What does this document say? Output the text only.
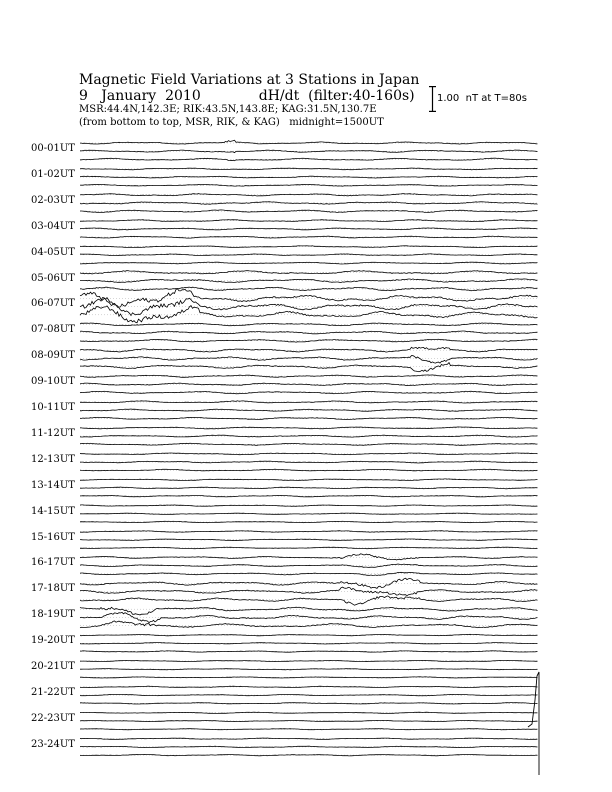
Magnetic Field Variations at 3 Stations in Japan
9   January  2010	dH/dt  (filter:40-160s)
MSR:44.4N,142.3E; RIK:43.5N,143.8E; KAG:31.5N,130.7E
(from bottom to top, MSR, RIK, & KAG)   midnight=1500UT
1.00  nT at T=80s
00-01UT
01-02UT
02-03UT
03-04UT
04-05UT
05-06UT
06-07UT
07-08UT
08-09UT
09-10UT
10-11UT
11-12UT
12-13UT
13-14UT
14-15UT
15-16UT
16-17UT
17-18UT
18-19UT
19-20UT
20-21UT
21-22UT
22-23UT
23-24UT
